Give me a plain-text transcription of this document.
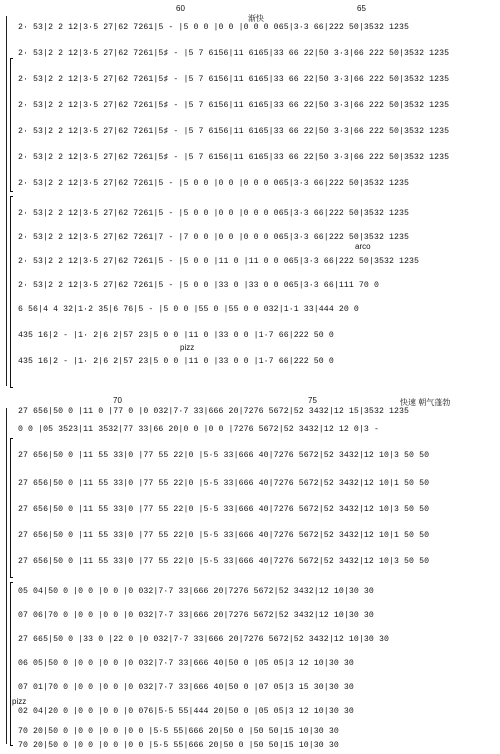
60
渐快
65
70	75	快速 朝气蓬勃
arco
pizz
pizz
2· 53|2 2 12|3·5 27|62 7261|5 - |5 0 0 |0 0 |0 0 0 065|3·3 66|222 50|3532 1235
2· 53|2 2 12|3·5 27|62 7261|5♯ - |5 7 6156|11 6165|33 66 22|50 3·3|66 222 50|3532 1235
2· 53|2 2 12|3·5 27|62 7261|5♯ - |5 7 6156|11 6165|33 66 22|50 3·3|66 222 50|3532 1235
2· 53|2 2 12|3·5 27|62 7261|5♯ - |5 7 6156|11 6165|33 66 22|50 3·3|66 222 50|3532 1235
2· 53|2 2 12|3·5 27|62 7261|5♯ - |5 7 6156|11 6165|33 66 22|50 3·3|66 222 50|3532 1235
2· 53|2 2 12|3·5 27|62 7261|5♯ - |5 7 6156|11 6165|33 66 22|50 3·3|66 222 50|3532 1235
2· 53|2 2 12|3·5 27|62 7261|5 - |5 0 0 |0 0 |0 0 0 065|3·3 66|222 50|3532 1235
2· 53|2 2 12|3·5 27|62 7261|5 - |5 0 0 |0 0 |0 0 0 065|3·3 66|222 50|3532 1235
2· 53|2 2 12|3·5 27|62 7261|7 - |7 0 0 |0 0 |0 0 0 065|3·3 66|222 50|3532 1235
2· 53|2 2 12|3·5 27|62 7261|5 - |5 0 0 |11 0 |11 0 0 065|3·3 66|222 50|3532 1235
2· 53|2 2 12|3·5 27|62 7261|5 - |5 0 0 |33 0 |33 0 0 065|3·3 66|111 70 0
6 56|4 4 32|1·2 35|6 76|5 - |5 0 0 |55 0 |55 0 0 032|1·1 33|444 20 0
435 16|2 - |1· 2|6 2|57 23|5 0 0 |11 0 |33 0 0 |1·7 66|222 50 0
435 16|2 - |1· 2|6 2|57 23|5 0 0 |11 0 |33 0 0 |1·7 66|222 50 0
27 656|50 0 |11 0 |77 0 |0 032|7·7 33|666 20|7276 5672|52 3432|12 15|3532 1235
0 0 |05 3523|11 3532|77 33|66 20|0 0 |0 0 |7276 5672|52 3432|12 12 0|3 -
27 656|50 0 |11 55 33|0 |77 55 22|0 |5·5 33|666 40|7276 5672|52 3432|12 10|3 50 50
27 656|50 0 |11 55 33|0 |77 55 22|0 |5·5 33|666 40|7276 5672|52 3432|12 10|1 50 50
27 656|50 0 |11 55 33|0 |77 55 22|0 |5·5 33|666 40|7276 5672|52 3432|12 10|3 50 50
27 656|50 0 |11 55 33|0 |77 55 22|0 |5·5 33|666 40|7276 5672|52 3432|12 10|1 50 50
27 656|50 0 |11 55 33|0 |77 55 22|0 |5·5 33|666 40|7276 5672|52 3432|12 10|3 50 50
05 04|50 0 |0 0 |0 0 |0 032|7·7 33|666 20|7276 5672|52 3432|12 10|30 30
07 06|70 0 |0 0 |0 0 |0 032|7·7 33|666 20|7276 5672|52 3432|12 10|30 30
27 665|50 0 |33 0 |22 0 |0 032|7·7 33|666 20|7276 5672|52 3432|12 10|30 30
06 05|50 0 |0 0 |0 0 |0 032|7·7 33|666 40|50 0 |05 05|3 12 10|30 30
07 01|70 0 |0 0 |0 0 |0 032|7·7 33|666 40|50 0 |07 05|3 15 30|30 30
02 04|20 0 |0 0 |0 0 |0 076|5·5 55|444 20|50 0 |05 05|3 12 10|30 30
70 20|50 0 |0 0 |0 0 |0 0 |5·5 55|666 20|50 0 |50 50|15 10|30 30
70 20|50 0 |0 0 |0 0 |0 0 |5·5 55|666 20|50 0 |50 50|15 10|30 30
